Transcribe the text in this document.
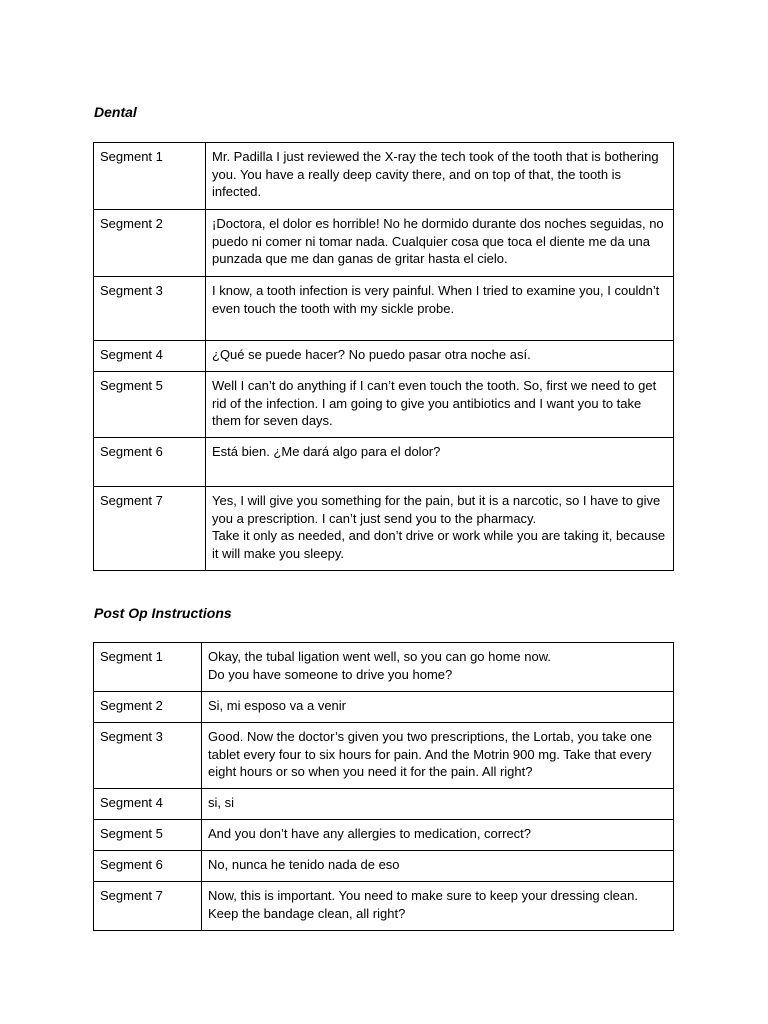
Dental
Segment 1	Mr. Padilla I just reviewed the X-ray the tech took of the tooth that is bothering you. You have a really deep cavity there, and on top of that, the tooth is infected.
Segment 2	¡Doctora, el dolor es horrible! No he dormido durante dos noches seguidas, no puedo ni comer ni tomar nada. Cualquier cosa que toca el diente me da una punzada que me dan ganas de gritar hasta el cielo.
Segment 3	I know, a tooth infection is very painful. When I tried to examine you, I couldn’t even touch the tooth with my sickle probe.
Segment 4	¿Qué se puede hacer? No puedo pasar otra noche así.
Segment 5	Well I can’t do anything if I can’t even touch the tooth. So, first we need to get rid of the infection. I am going to give you antibiotics and I want you to take them for seven days.
Segment 6	Está bien. ¿Me dará algo para el dolor?
Segment 7	Yes, I will give you something for the pain, but it is a narcotic, so I have to give you a prescription. I can’t just send you to the pharmacy.
Take it only as needed, and don’t drive or work while you are taking it, because it will make you sleepy.
Post Op Instructions
Segment 1	Okay, the tubal ligation went well, so you can go home now.
Do you have someone to drive you home?
Segment 2	Si, mi esposo va a venir
Segment 3	Good. Now the doctor’s given you two prescriptions, the Lortab, you take one tablet every four to six hours for pain. And the Motrin 900 mg. Take that every eight hours or so when you need it for the pain. All right?
Segment 4	si, si
Segment 5	And you don’t have any allergies to medication, correct?
Segment 6	No, nunca he tenido nada de eso
Segment 7	Now, this is important. You need to make sure to keep your dressing clean. Keep the bandage clean, all right?
